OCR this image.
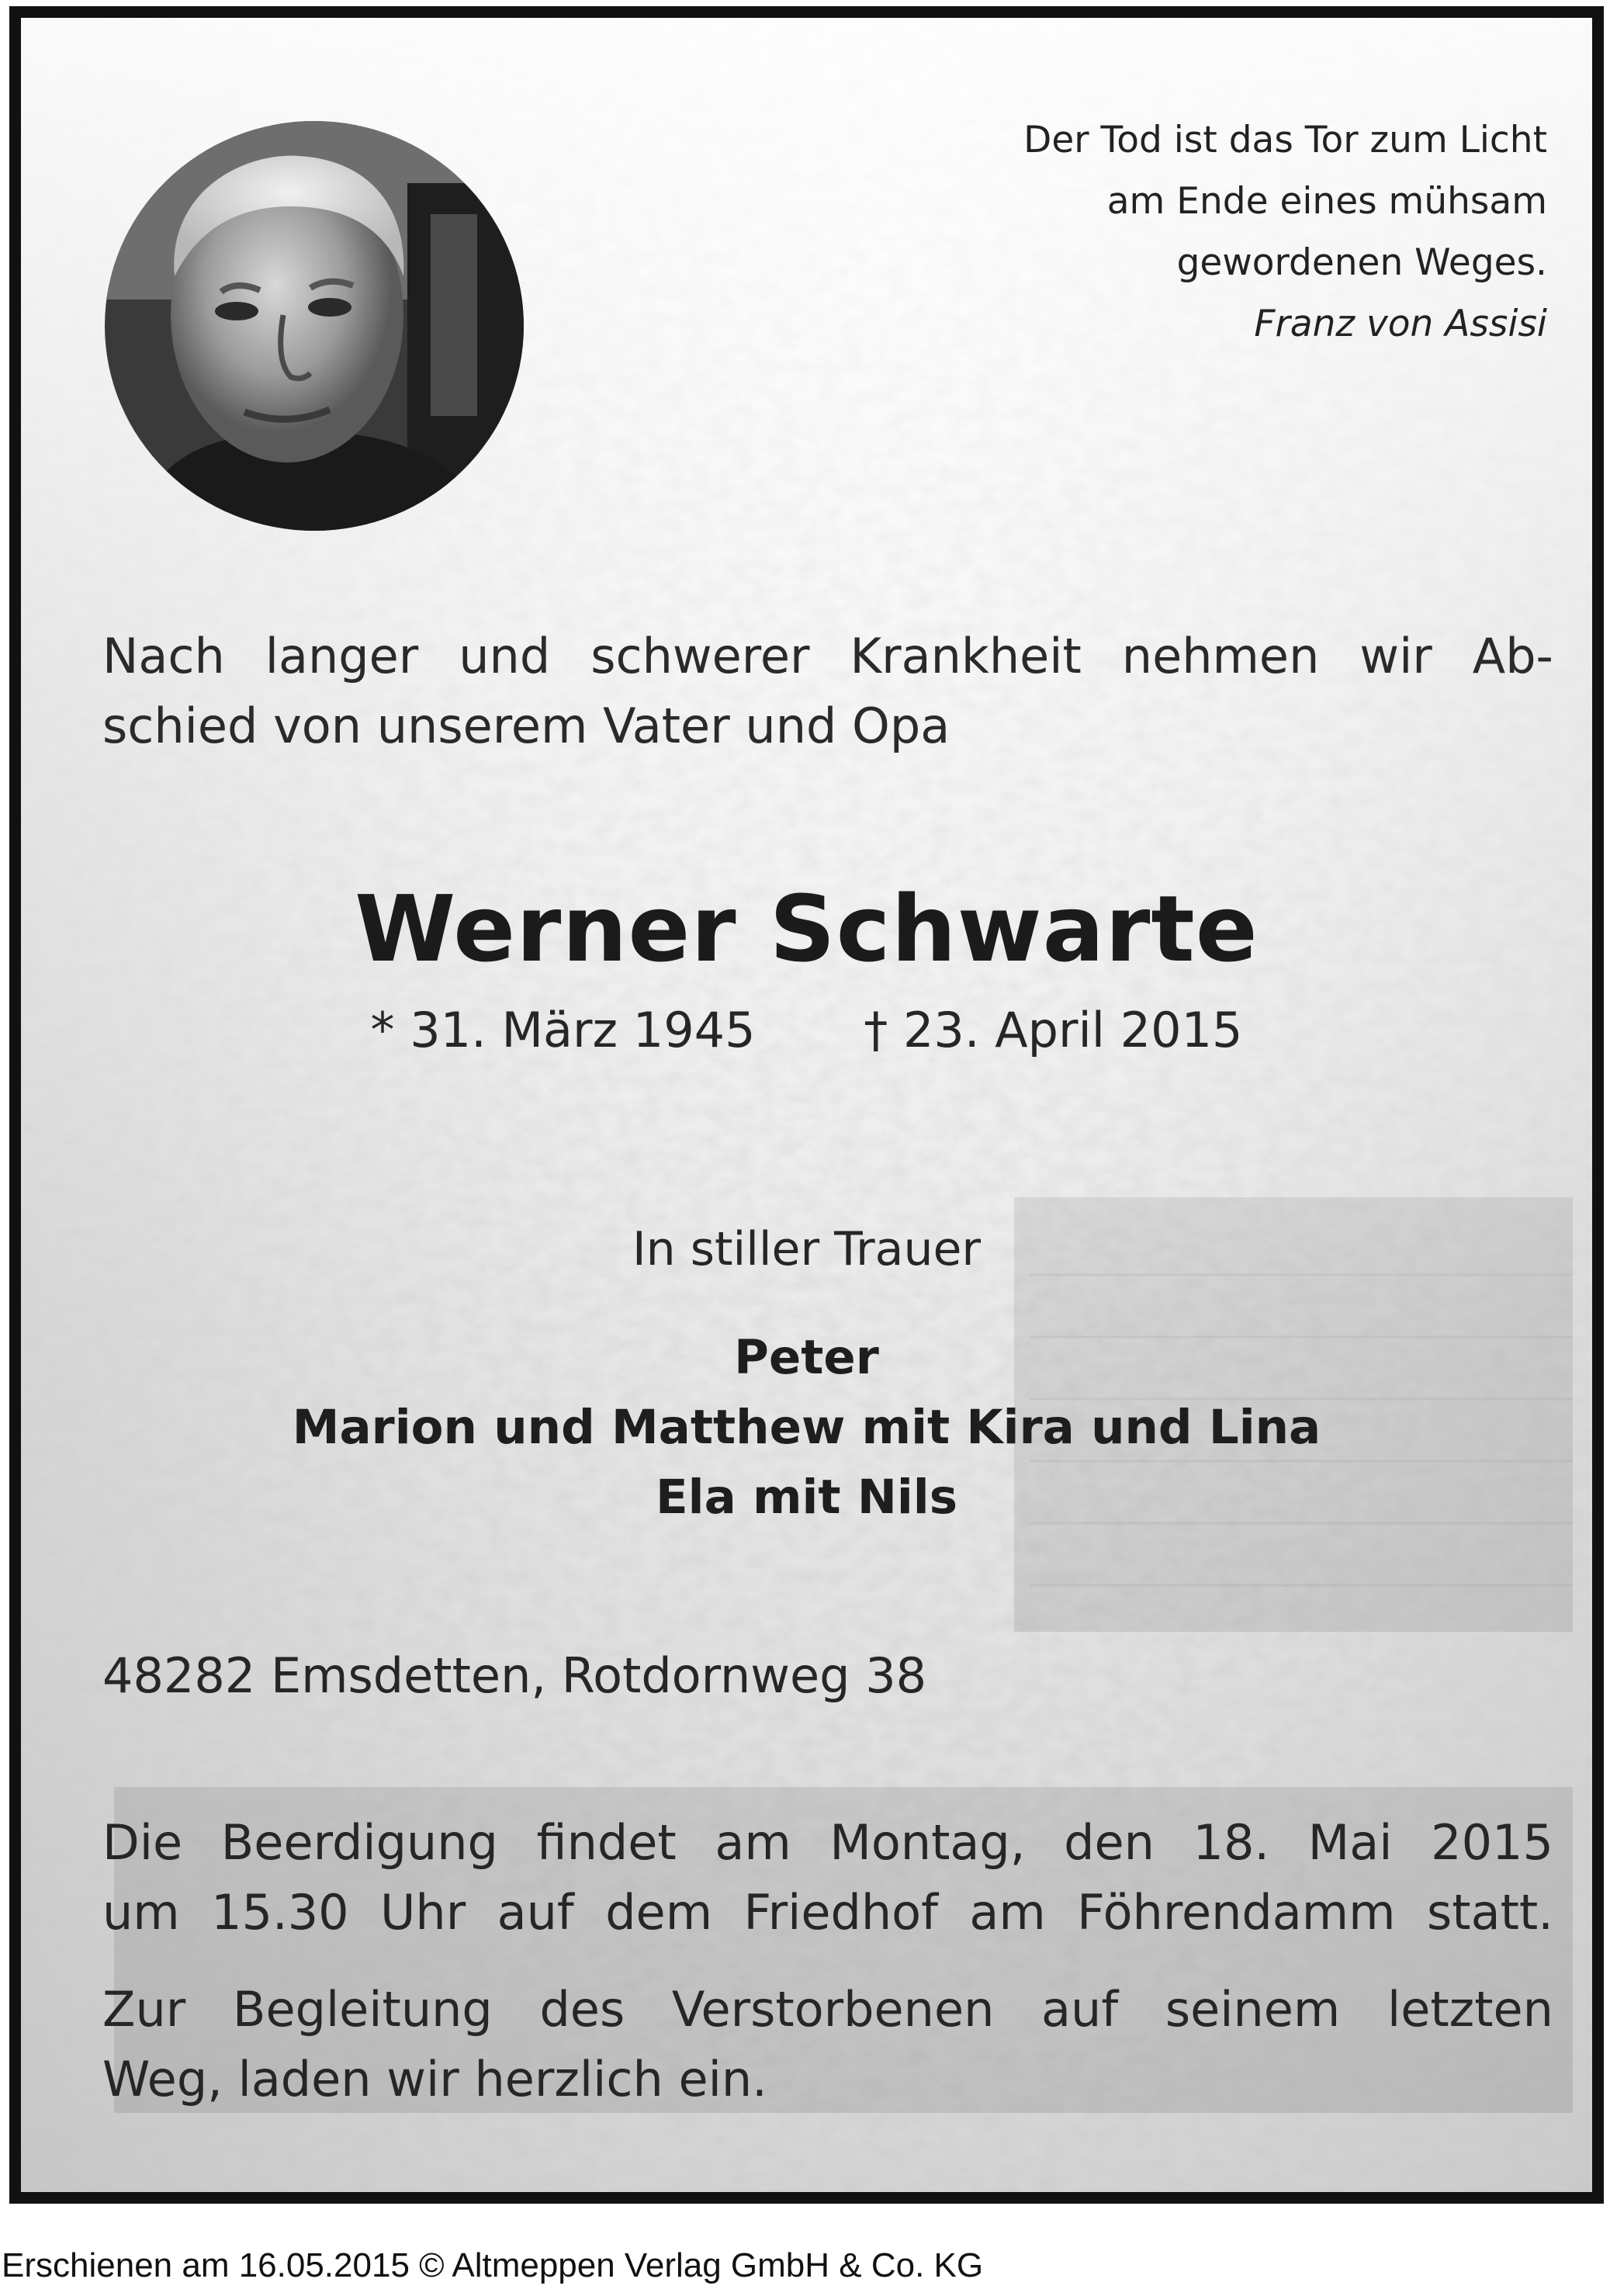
Der Tod ist das Tor zum Licht
am Ende eines mühsam
gewordenen Weges.
Franz von Assisi
Nach langer und schwerer Krankheit nehmen wir Ab-
schied von unserem Vater und Opa
Werner Schwarte
* 31. März 1945 † 23. April 2015
In stiller Trauer
Peter
Marion und Matthew mit Kira und Lina
Ela mit Nils
48282 Emsdetten, Rotdornweg 38
Die Beerdigung findet am Montag, den 18. Mai 2015
um 15.30 Uhr auf dem Friedhof am Föhrendamm statt.
Zur Begleitung des Verstorbenen auf seinem letzten
Weg, laden wir herzlich ein.
Erschienen am 16.05.2015 © Altmeppen Verlag GmbH & Co. KG
